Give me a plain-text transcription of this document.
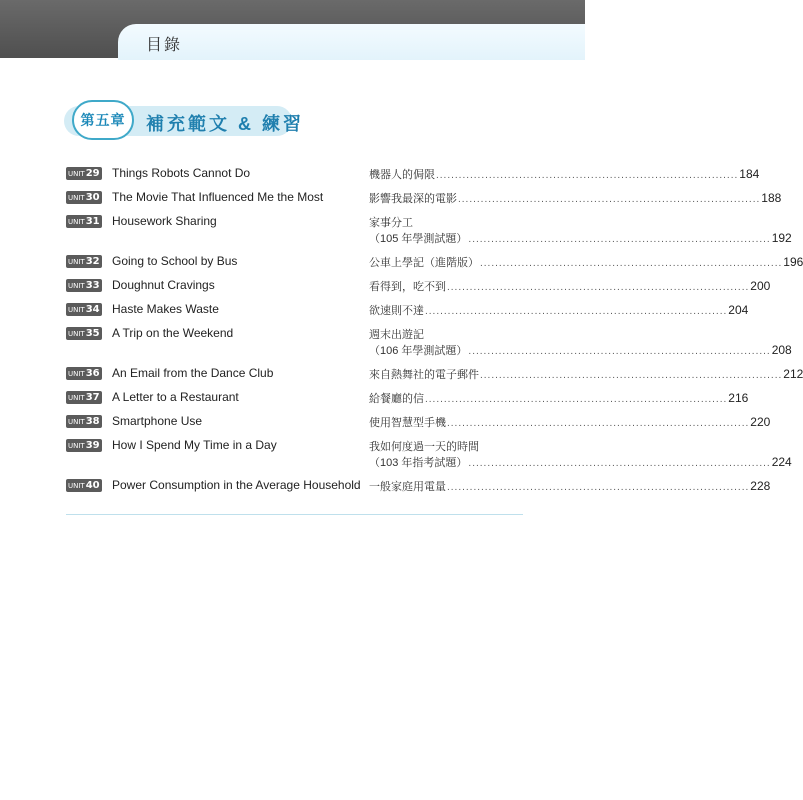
目錄
第五章	補充範文 & 練習
UNIT29 Things Robots Cannot Do	機器人的侷限 ................................................................................ 184
UNIT30 The Movie That Influenced Me the Most	影響我最深的電影 ................................................................................ 188
UNIT31 Housework Sharing	家事分工
（105 年學測試題） ................................................................................ 192
UNIT32 Going to School by Bus	公車上學記（進階版） ................................................................................ 196
UNIT33 Doughnut Cravings	看得到，吃不到 ................................................................................ 200
UNIT34 Haste Makes Waste	欲速則不達 ................................................................................ 204
UNIT35 A Trip on the Weekend	週末出遊記
（106 年學測試題） ................................................................................ 208
UNIT36 An Email from the Dance Club	來自熱舞社的電子郵件 ................................................................................ 212
UNIT37 A Letter to a Restaurant	給餐廳的信 ................................................................................ 216
UNIT38 Smartphone Use	使用智慧型手機 ................................................................................ 220
UNIT39 How I Spend My Time in a Day	我如何度過一天的時間
（103 年指考試題） ................................................................................ 224
UNIT40 Power Consumption in the Average Household 一般家庭用電量 ................................................................................ 228
